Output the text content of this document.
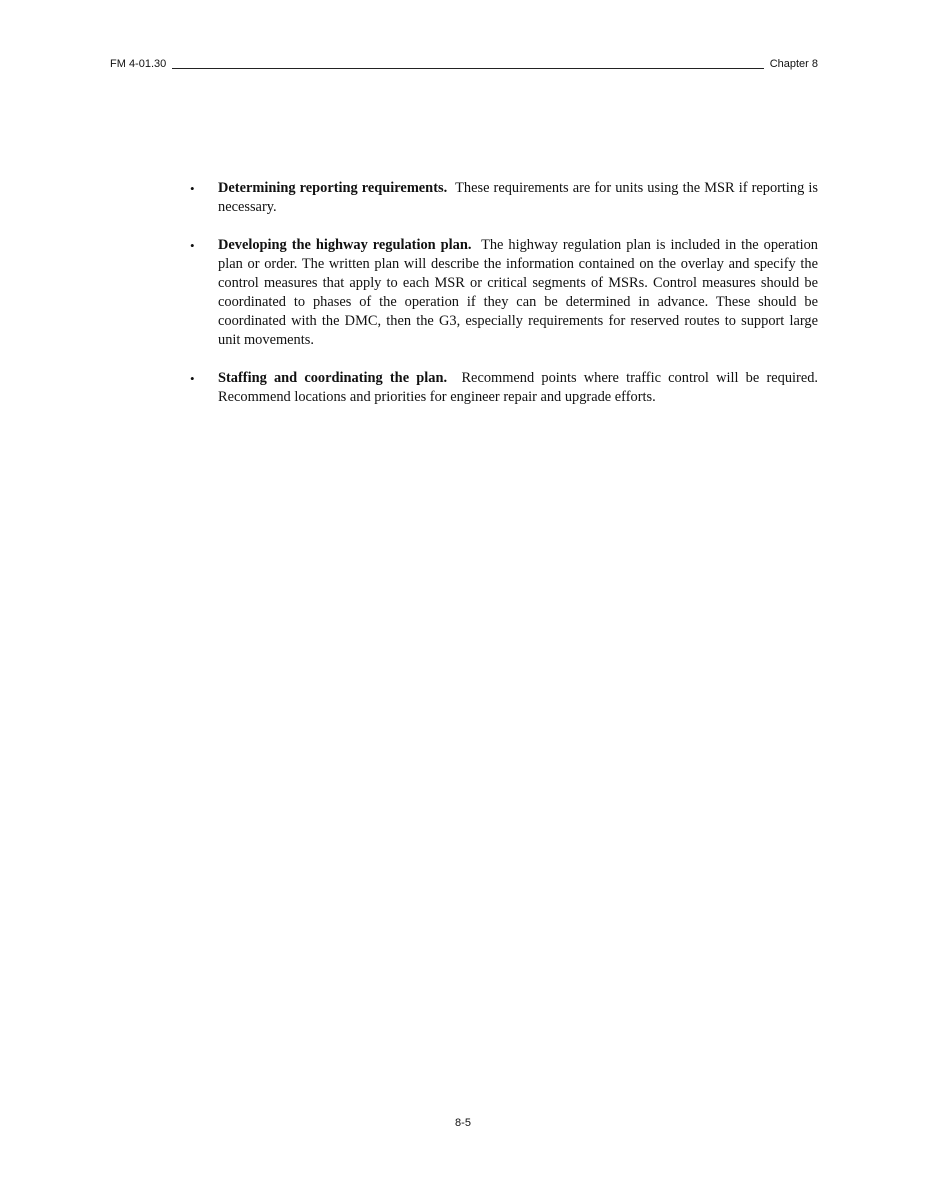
FM 4-01.30	Chapter 8
• Determining reporting requirements. These requirements are for units using the MSR if reporting is necessary.
• Developing the highway regulation plan. The highway regulation plan is included in the operation plan or order. The written plan will describe the information contained on the overlay and specify the control measures that apply to each MSR or critical segments of MSRs. Control measures should be coordinated to phases of the operation if they can be determined in advance. These should be coordinated with the DMC, then the G3, especially requirements for reserved routes to support large unit movements.
• Staffing and coordinating the plan. Recommend points where traffic control will be required. Recommend locations and priorities for engineer repair and upgrade efforts.
8-5
